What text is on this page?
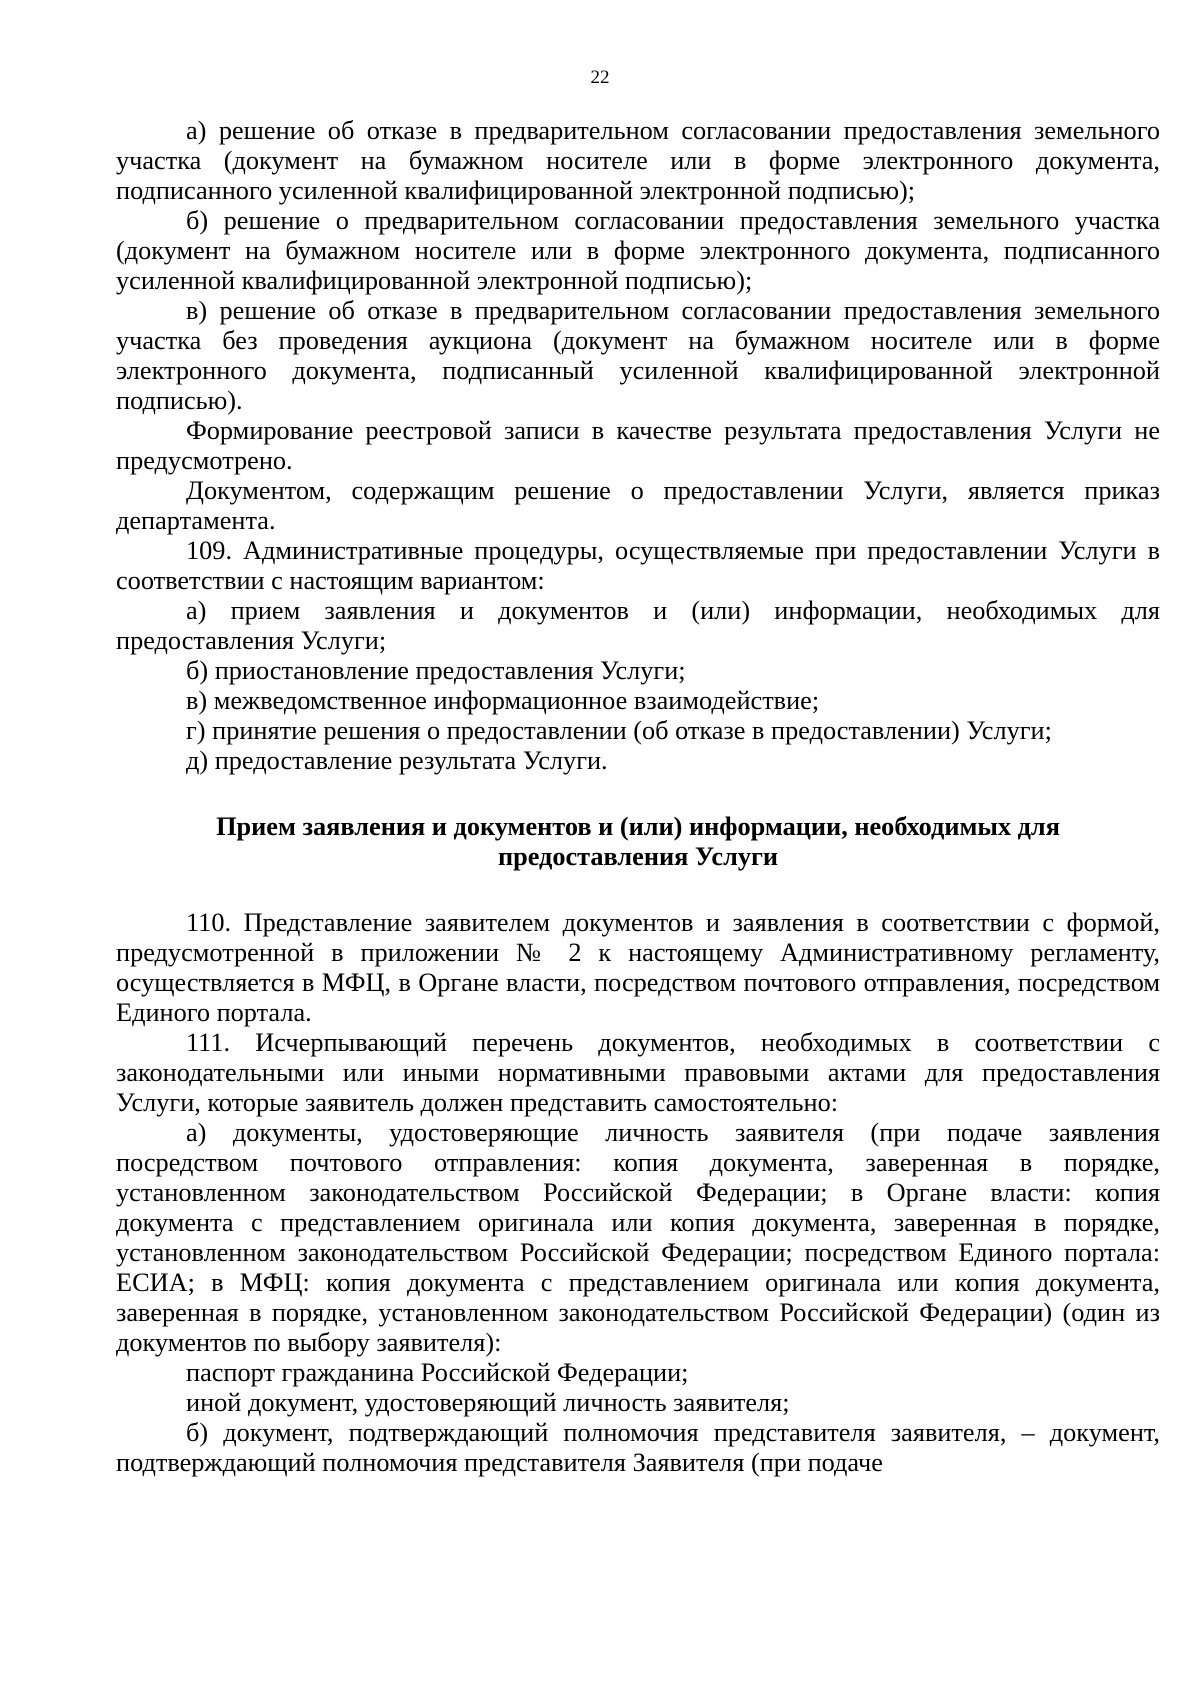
22

а) решение об отказе в предварительном согласовании предоставления земельного участка (документ на бумажном носителе или в форме электронного документа, подписанного усиленной квалифицированной электронной подписью);

б) решение о предварительном согласовании предоставления земельного участка (документ на бумажном носителе или в форме электронного документа, подписанного усиленной квалифицированной электронной подписью);

в) решение об отказе в предварительном согласовании предоставления земельного участка без проведения аукциона (документ на бумажном носителе или в форме электронного документа, подписанный усиленной квалифицированной электронной подписью).

Формирование реестровой записи в качестве результата предоставления Услуги не предусмотрено.

Документом, содержащим решение о предоставлении Услуги, является приказ департамента.

109. Административные процедуры, осуществляемые при предоставлении Услуги в соответствии с настоящим вариантом:

а) прием заявления и документов и (или) информации, необходимых для предоставления Услуги;

б) приостановление предоставления Услуги;

в) межведомственное информационное взаимодействие;

г) принятие решения о предоставлении (об отказе в предоставлении) Услуги;

д) предоставление результата Услуги.

Прием заявления и документов и (или) информации, необходимых для
предоставления Услуги

110. Представление заявителем документов и заявления в соответствии с формой, предусмотренной в приложении № 2 к настоящему Административному регламенту, осуществляется в МФЦ, в Органе власти, посредством почтового отправления, посредством Единого портала.

111. Исчерпывающий перечень документов, необходимых в соответствии с законодательными или иными нормативными правовыми актами для предоставления Услуги, которые заявитель должен представить самостоятельно:

а) документы, удостоверяющие личность заявителя (при подаче заявления посредством почтового отправления: копия документа, заверенная в порядке, установленном законодательством Российской Федерации; в Органе власти: копия документа с представлением оригинала или копия документа, заверенная в порядке, установленном законодательством Российской Федерации; посредством Единого портала: ЕСИА; в МФЦ: копия документа с представлением оригинала или копия документа, заверенная в порядке, установленном законодательством Российской Федерации) (один из документов по выбору заявителя):

паспорт гражданина Российской Федерации;

иной документ, удостоверяющий личность заявителя;

б) документ, подтверждающий полномочия представителя заявителя, – документ, подтверждающий полномочия представителя Заявителя (при подаче
